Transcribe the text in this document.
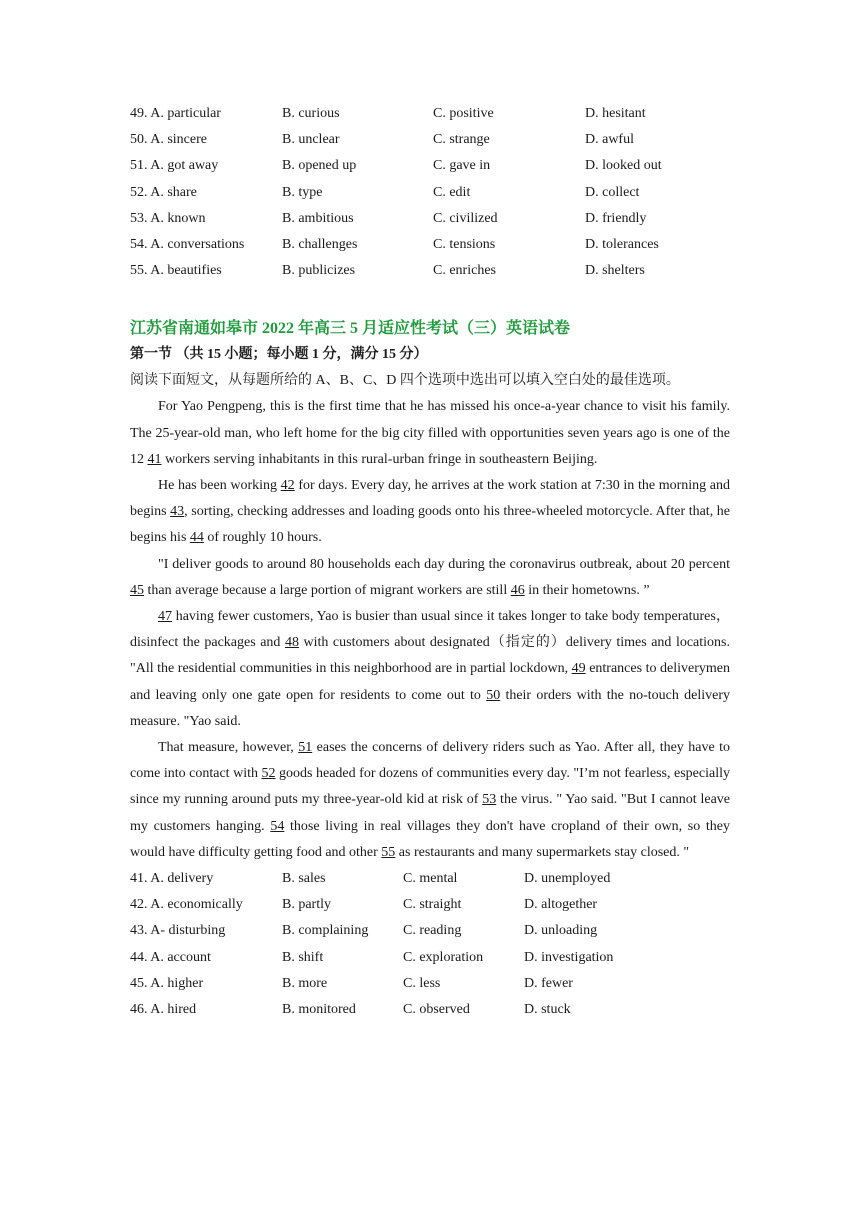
49. A. particular	B. curious	C. positive	D. hesitant
50. A. sincere	B. unclear	C. strange	D. awful
51. A. got away	B. opened up	C. gave in	D. looked out
52. A. share	B. type	C. edit	D. collect
53. A. known	B. ambitious	C. civilized	D. friendly
54. A. conversations	B. challenges	C. tensions	D. tolerances
55. A. beautifies	B. publicizes	C. enriches	D. shelters
江苏省南通如皋市 2022 年高三 5 月适应性考试（三）英语试卷
第一节 （共 15 小题；每小题 1 分，满分 15 分）
阅读下面短文，从每题所给的 A、B、C、D 四个选项中选出可以填入空白处的最佳选项。

For Yao Pengpeng, this is the first time that he has missed his once-a-year chance to visit his family. The 25-year-old man, who left home for the big city filled with opportunities seven years ago is one of the 12 41 workers serving inhabitants in this rural-urban fringe in southeastern Beijing.

He has been working 42 for days. Every day, he arrives at the work station at 7:30 in the morning and begins 43, sorting, checking addresses and loading goods onto his three-wheeled motorcycle. After that, he begins his 44 of roughly 10 hours.

"I deliver goods to around 80 households each day during the coronavirus outbreak, about 20 percent 45 than average because a large portion of migrant workers are still 46 in their hometowns. ”

47 having fewer customers, Yao is busier than usual since it takes longer to take body temperatures，disinfect the packages and 48 with customers about designated（指定的）delivery times and locations. "All the residential communities in this neighborhood are in partial lockdown, 49 entrances to deliverymen and leaving only one gate open for residents to come out to 50 their orders with the no-touch delivery measure. "Yao said.

That measure, however, 51 eases the concerns of delivery riders such as Yao. After all, they have to come into contact with 52 goods headed for dozens of communities every day. "I’m not fearless, especially since my running around puts my three-year-old kid at risk of 53 the virus. " Yao said. "But I cannot leave my customers hanging. 54 those living in real villages they don't have cropland of their own, so they would have difficulty getting food and other 55 as restaurants and many supermarkets stay closed. "

41. A. delivery	B. sales	C. mental	D. unemployed
42. A. economically	B. partly	C. straight	D. altogether
43. A- disturbing	B. complaining C. reading	D. unloading
44. A. account	B. shift	C. exploration	D. investigation
45. A. higher	B. more	C. less	D. fewer
46. A. hired	B. monitored	C. observed	D. stuck
